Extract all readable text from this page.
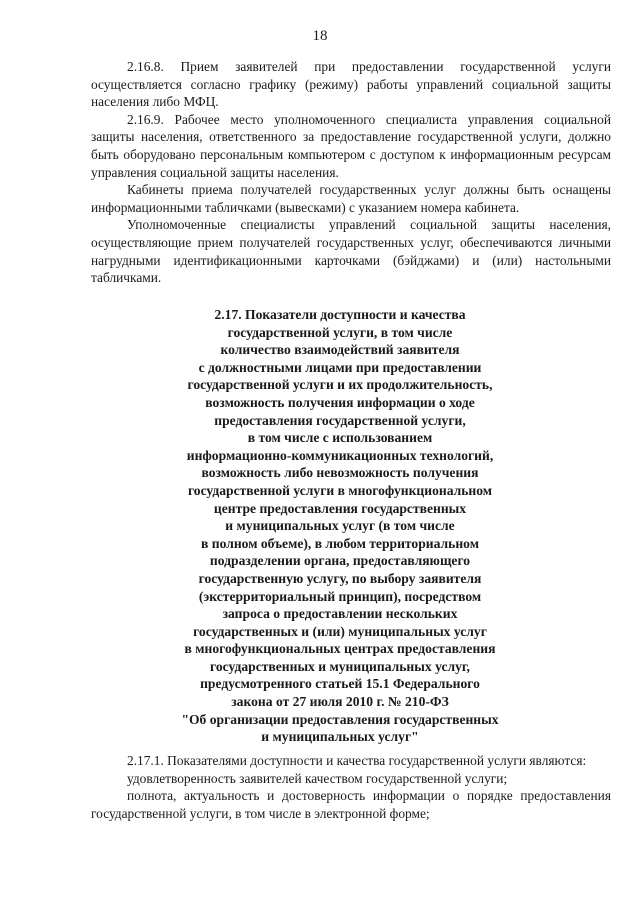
18

2.16.8. Прием заявителей при предоставлении государственной услуги осуществляется согласно графику (режиму) работы управлений социальной защиты населения либо МФЦ.

2.16.9. Рабочее место уполномоченного специалиста управления социальной защиты населения, ответственного за предоставление государственной услуги, должно быть оборудовано персональным компьютером с доступом к информационным ресурсам управления социальной защиты населения.

Кабинеты приема получателей государственных услуг должны быть оснащены информационными табличками (вывесками) с указанием номера кабинета.

Уполномоченные специалисты управлений социальной защиты населения, осуществляющие прием получателей государственных услуг, обеспечиваются личными нагрудными идентификационными карточками (бэйджами) и (или) настольными табличками.

2.17. Показатели доступности и качества
государственной услуги, в том числе
количество взаимодействий заявителя
с должностными лицами при предоставлении
государственной услуги и их продолжительность,
возможность получения информации о ходе
предоставления государственной услуги,
в том числе с использованием
информационно-коммуникационных технологий,
возможность либо невозможность получения
государственной услуги в многофункциональном
центре предоставления государственных
и муниципальных услуг (в том числе
в полном объеме), в любом территориальном
подразделении органа, предоставляющего
государственную услугу, по выбору заявителя
(экстерриториальный принцип), посредством
запроса о предоставлении нескольких
государственных и (или) муниципальных услуг
в многофункциональных центрах предоставления
государственных и муниципальных услуг,
предусмотренного статьей 15.1 Федерального
закона от 27 июля 2010 г. № 210-ФЗ
"Об организации предоставления государственных
и муниципальных услуг"

2.17.1. Показателями доступности и качества государственной услуги являются:

удовлетворенность заявителей качеством государственной услуги;

полнота, актуальность и достоверность информации о порядке предоставления государственной услуги, в том числе в электронной форме;
